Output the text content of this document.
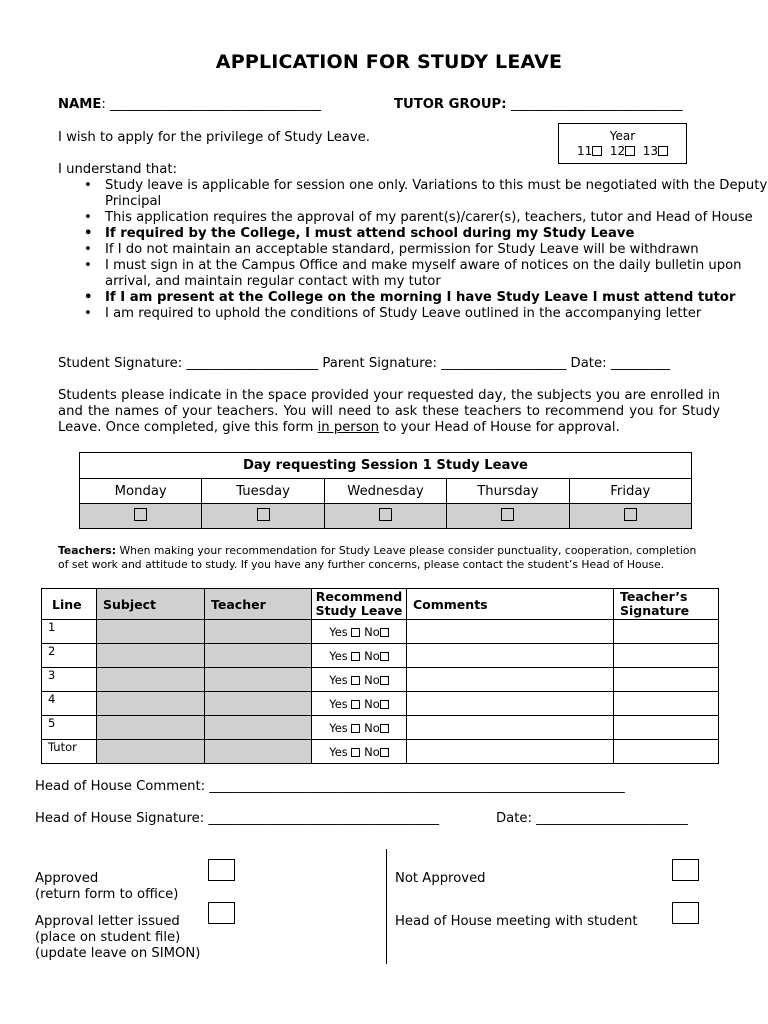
APPLICATION FOR STUDY LEAVE
NAME: ________________________________	TUTOR GROUP: __________________________
I wish to apply for the privilege of Study Leave.	Year
11 12 13
I understand that:
• Study leave is applicable for session one only. Variations to this must be negotiated with the Deputy Principal
• This application requires the approval of my parent(s)/carer(s), teachers, tutor and Head of House
• If required by the College, I must attend school during my Study Leave
• If I do not maintain an acceptable standard, permission for Study Leave will be withdrawn
• I must sign in at the Campus Office and make myself aware of notices on the daily bulletin upon arrival, and maintain regular contact with my tutor
• If I am present at the College on the morning I have Study Leave I must attend tutor
• I am required to uphold the conditions of Study Leave outlined in the accompanying letter
Student Signature: ____________________ Parent Signature: ___________________ Date: _________
Students please indicate in the space provided your requested day, the subjects you are enrolled in and the names of your teachers. You will need to ask these teachers to recommend you for Study Leave. Once completed, give this form in person to your Head of House for approval.
Day requesting Session 1 Study Leave				
Monday	Tuesday	Wednesday	Thursday	Friday

Teachers: When making your recommendation for Study Leave please consider punctuality, cooperation, completion of set work and attitude to study. If you have any further concerns, please contact the student’s Head of House.
Line	Subject	Teacher	Recommend Study Leave	Comments	Teacher’s Signature
1			Yes No		
2			Yes No		
3			Yes No		
4			Yes No		
5			Yes No		
Tutor			Yes No		
Head of House Comment: _______________________________________________________________
Head of House Signature: ___________________________________	Date: _______________________
Approved
(return form to office)
Approval letter issued
(place on student file)
(update leave on SIMON)
Not Approved
Head of House meeting with student
